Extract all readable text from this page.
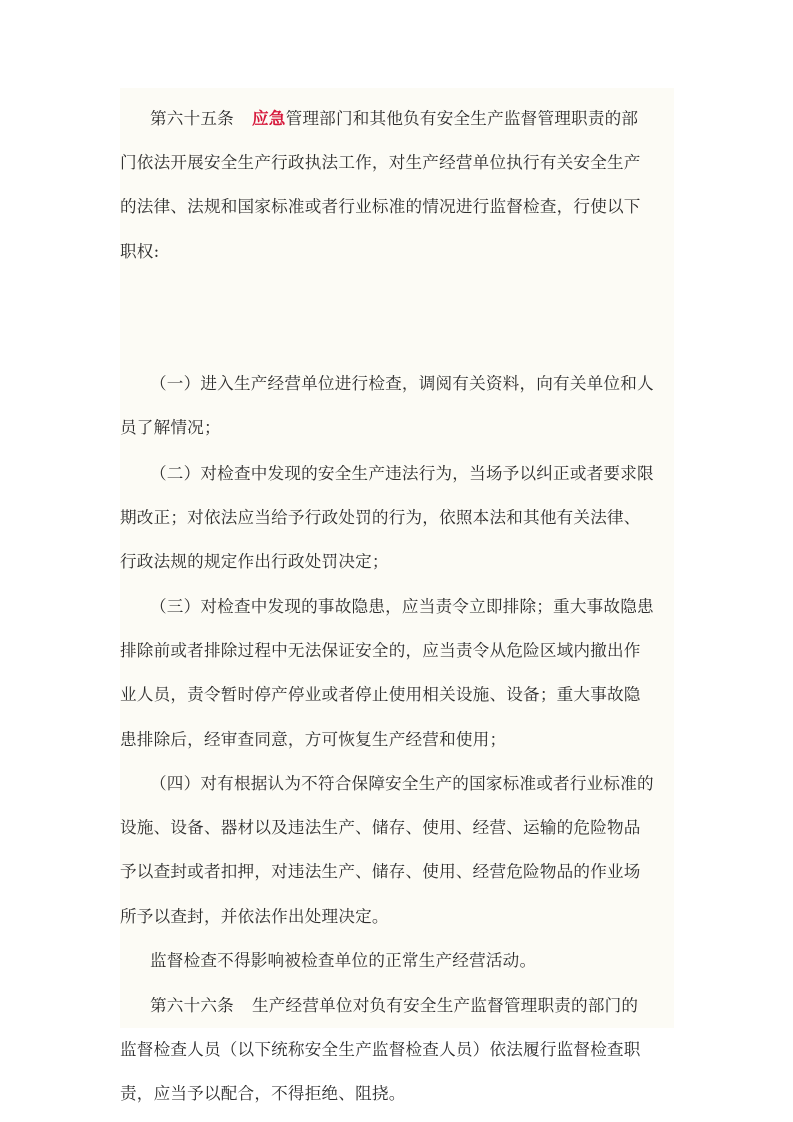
第六十五条 应急管理部门和其他负有安全生产监督管理职责的部
门依法开展安全生产行政执法工作，对生产经营单位执行有关安全生产
的法律、法规和国家标准或者行业标准的情况进行监督检查，行使以下
职权:

（一）进入生产经营单位进行检查，调阅有关资料，向有关单位和人
员了解情况；

（二）对检查中发现的安全生产违法行为，当场予以纠正或者要求限
期改正；对依法应当给予行政处罚的行为，依照本法和其他有关法律、
行政法规的规定作出行政处罚决定；

（三）对检查中发现的事故隐患，应当责令立即排除；重大事故隐患
排除前或者排除过程中无法保证安全的，应当责令从危险区域内撤出作
业人员，责令暂时停产停业或者停止使用相关设施、设备；重大事故隐
患排除后，经审查同意，方可恢复生产经营和使用；

（四）对有根据认为不符合保障安全生产的国家标准或者行业标准的
设施、设备、器材以及违法生产、储存、使用、经营、运输的危险物品
予以查封或者扣押，对违法生产、储存、使用、经营危险物品的作业场
所予以查封，并依法作出处理决定。

监督检查不得影响被检查单位的正常生产经营活动。

第六十六条 生产经营单位对负有安全生产监督管理职责的部门的
监督检查人员（以下统称安全生产监督检查人员）依法履行监督检查职
责，应当予以配合，不得拒绝、阻挠。
